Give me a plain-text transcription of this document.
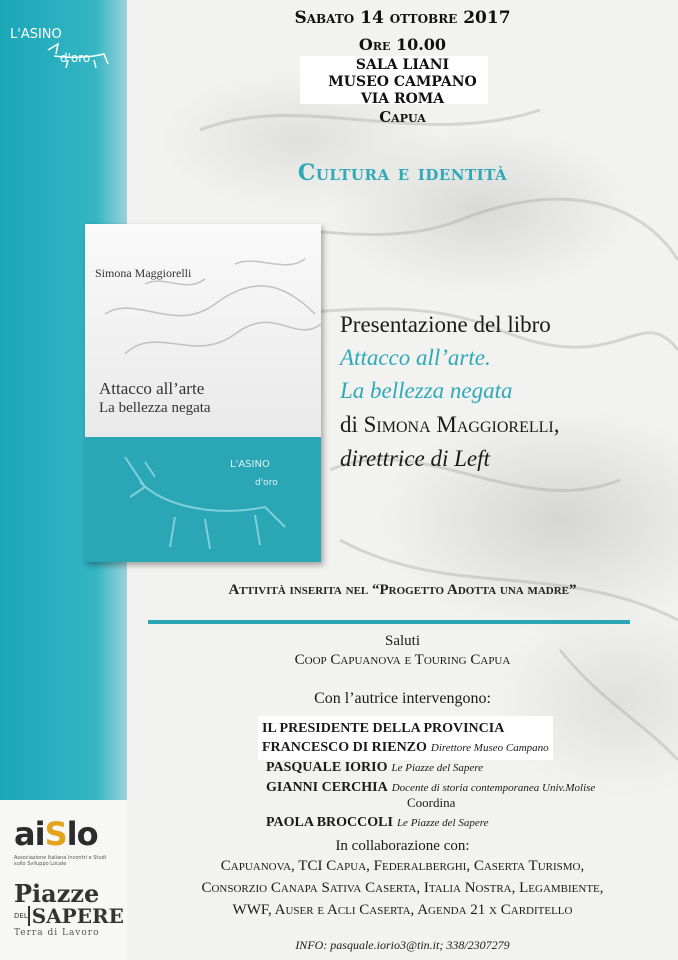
L'ASINO
d'oro
Sabato 14 ottobre 2017
Ore 10.00
SALA LIANI
MUSEO CAMPANO
VIA ROMA
Capua
Cultura e identità
Simona Maggiorelli
Attacco all’arte
La bellezza negata
L'ASINO
d'oro
Presentazione del libro
Attacco all’arte.
La bellezza negata
di Simona Maggiorelli,
direttrice di Left
Attività inserita nel “Progetto Adotta una madre”
Saluti
Coop Capuanova e Touring Capua
Con l’autrice intervengono:
IL PRESIDENTE DELLA PROVINCIA
FRANCESCO DI RIENZO Direttore Museo Campano
PASQUALE IORIO Le Piazze del Sapere
GIANNI CERCHIA Docente di storia contemporanea Univ.Molise
Coordina
PAOLA BROCCOLI Le Piazze del Sapere
In collaborazione con:
Capuanova, TCI Capua, Federalberghi, Caserta Turismo,
Consorzio Canapa Sativa Caserta, Italia Nostra, Legambiente,
WWF, Auser e Acli Caserta, Agenda 21 x Carditello
INFO: pasquale.iorio3@tin.it; 338/2307279
aiSlo
Associazione Italiana Incontri e Studi sullo Sviluppo Locale
Piazze
DEL SAPERE
Terra di Lavoro
